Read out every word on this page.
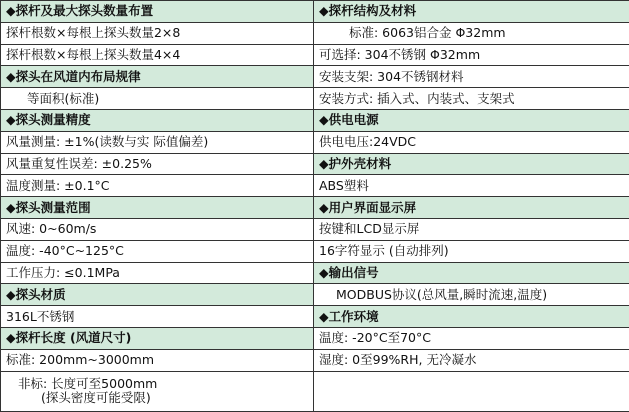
◆探杆及最大探头数量布置	◆探杆结构及材料
探杆根数×每根上探头数量2×8	标准: 6063铝合金 Φ32mm
探杆根数×每根上探头数量4×4	可选择: 304不锈钢 Φ32mm
◆探头在风道内布局规律	安装支架: 304不锈钢材料
等面积(标准)	安装方式: 插入式、内装式、支架式
◆探头测量精度	◆供电电源
风量测量: ±1%(读数与实 际值偏差)	供电电压:24VDC
风量重复性误差: ±0.25%	◆护外壳材料
温度测量: ±0.1°C	ABS塑料
◆探头测量范围	◆用户界面显示屏
风速: 0~60m/s	按键和LCD显示屏
温度: -40°C~125°C	16字符显示 (自动排列)
工作压力: ≤0.1MPa	◆输出信号
◆探头材质	MODBUS协议(总风量,瞬时流速,温度)
316L不锈钢	◆工作环境
◆探杆长度 (风道尺寸)	温度: -20°C至70°C
标准: 200mm~3000mm	湿度: 0至99%RH, 无冷凝水

非标: 长度可至5000mm
(探头密度可能受限)	
